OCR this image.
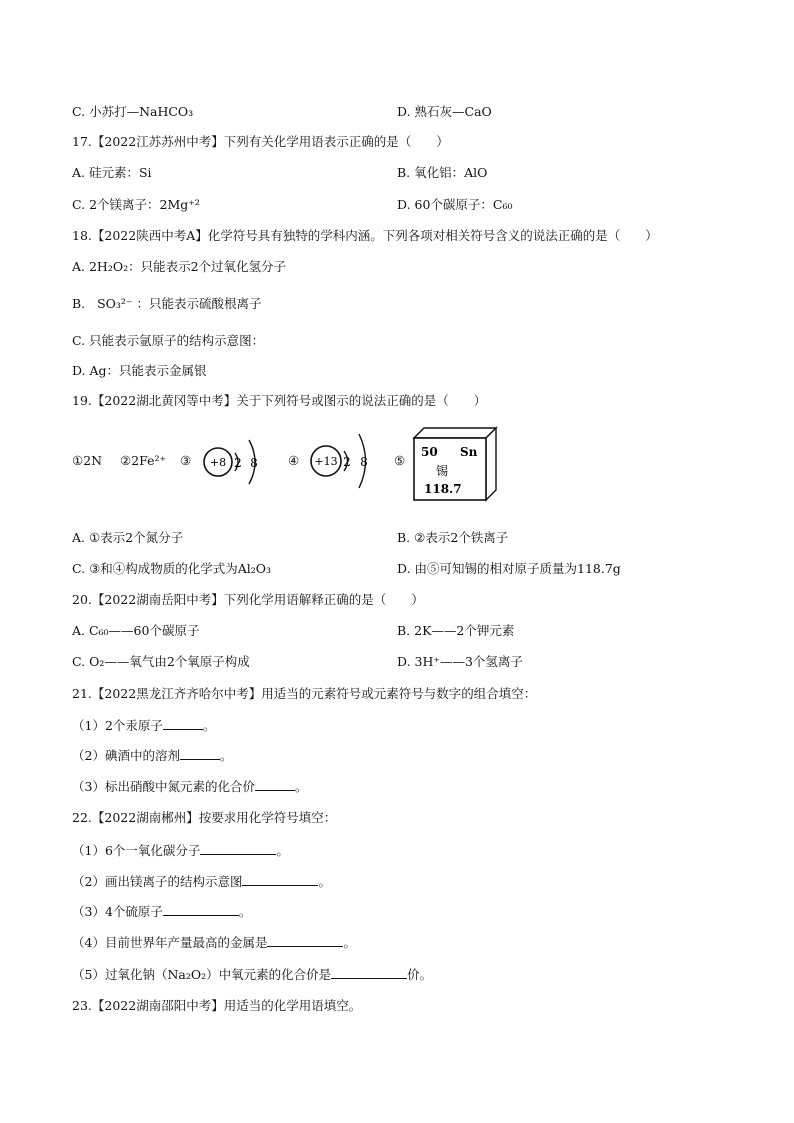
C. 小苏打—NaHCO₃	D. 熟石灰—CaO
17.【2022江苏苏州中考】下列有关化学用语表示正确的是（　　）
A. 硅元素：Si	B. 氧化铝：AlO
C. 2个镁离子：2Mg⁺²	D. 60个碳原子：C₆₀
18.【2022陕西中考A】化学符号具有独特的学科内涵。下列各项对相关符号含义的说法正确的是（　　）
A. 2H₂O₂：只能表示2个过氧化氢分子
B. SO₃²⁻ ：只能表示硫酸根离子
C. 只能表示氩原子的结构示意图：
D. Ag：只能表示金属银
19.【2022湖北黄冈等中考】关于下列符号或图示的说法正确的是（　　）
①2N ②2Fe²⁺ ③ +8 2 8 ④ +13 2 8 ⑤
50 Sn
锡
118.7
A. ①表示2个氮分子	B. ②表示2个铁离子
C. ③和④构成物质的化学式为Al₂O₃	D. 由⑤可知锡的相对原子质量为118.7g
20.【2022湖南岳阳中考】下列化学用语解释正确的是（　　）
A. C₆₀——60个碳原子	B. 2K——2个钾元素
C. O₂——氧气由2个氧原子构成	D. 3H⁺——3个氢离子
21.【2022黑龙江齐齐哈尔中考】用适当的元素符号或元素符号与数字的组合填空：
（1）2个汞原子	。
（2）碘酒中的溶剂	。
（3）标出硝酸中氮元素的化合价	。
22.【2022湖南郴州】按要求用化学符号填空：
（1）6个一氧化碳分子	。
（2）画出镁离子的结构示意图	。
（3）4个硫原子	。
（4）目前世界年产量最高的金属是	。
（5）过氧化钠（Na₂O₂）中氧元素的化合价是	价。
23.【2022湖南邵阳中考】用适当的化学用语填空。
